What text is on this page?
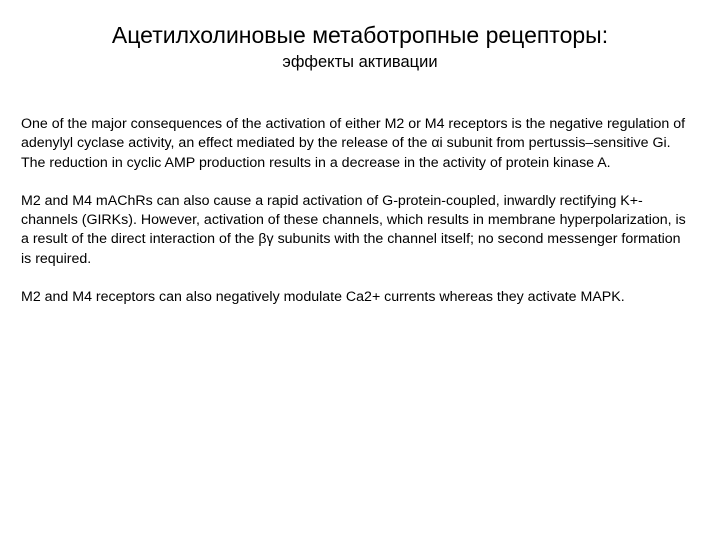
Ацетилхолиновые метаботропные рецепторы:
эффекты активации

One of the major consequences of the activation of either M2 or M4 receptors is the negative regulation of adenylyl cyclase activity, an effect mediated by the release of the αi subunit from pertussis–sensitive Gi. The reduction in cyclic AMP production results in a decrease in the activity of protein kinase A.

M2 and M4 mAChRs can also cause a rapid activation of G-protein-coupled, inwardly rectifying K+-channels (GIRKs). However, activation of these channels, which results in membrane hyperpolarization, is a result of the direct interaction of the βγ subunits with the channel itself; no second messenger formation is required.

M2 and M4 receptors can also negatively modulate Ca2+ currents whereas they activate MAPK.
